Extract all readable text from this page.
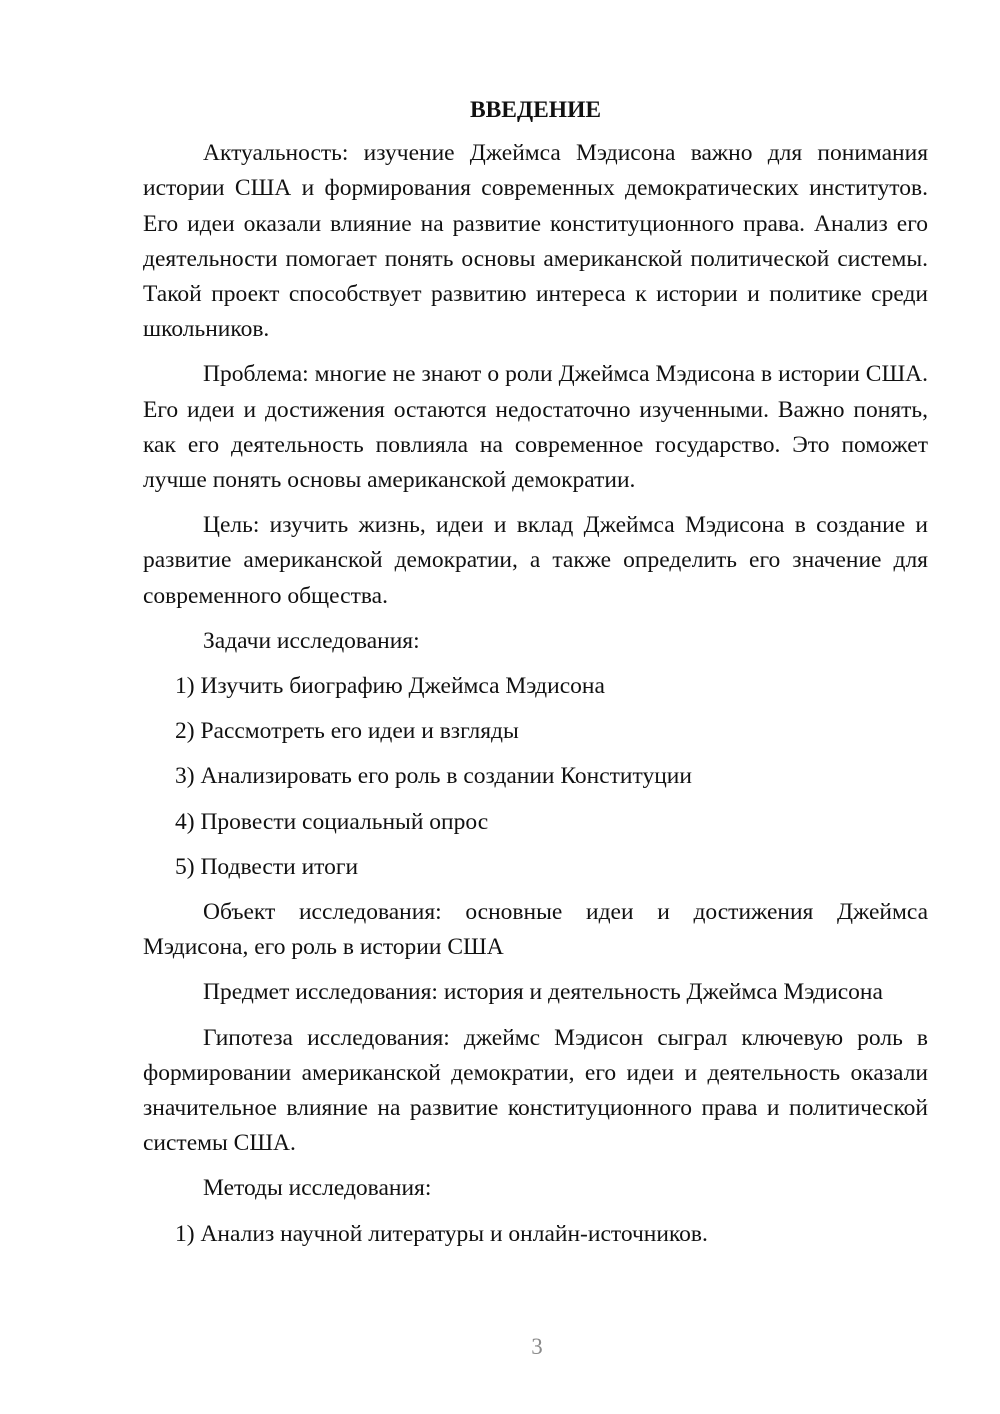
ВВЕДЕНИЕ

Актуальность: изучение Джеймса Мэдисона важно для понимания истории США и формирования современных демократических институтов. Его идеи оказали влияние на развитие конституционного права. Анализ его деятельности помогает понять основы американской политической системы. Такой проект способствует развитию интереса к истории и политике среди школьников.

Проблема: многие не знают о роли Джеймса Мэдисона в истории США. Его идеи и достижения остаются недостаточно изученными. Важно понять, как его деятельность повлияла на современное государство. Это поможет лучше понять основы американской демократии.

Цель: изучить жизнь, идеи и вклад Джеймса Мэдисона в создание и развитие американской демократии, а также определить его значение для современного общества.

Задачи исследования:

1) Изучить биографию Джеймса Мэдисона
2) Рассмотреть его идеи и взгляды
3) Анализировать его роль в создании Конституции
4) Провести социальный опрос
5) Подвести итоги

Объект исследования: основные идеи и достижения Джеймса Мэдисона, его роль в истории США

Предмет исследования: история и деятельность Джеймса Мэдисона

Гипотеза исследования: джеймс Мэдисон сыграл ключевую роль в формировании американской демократии, его идеи и деятельность оказали значительное влияние на развитие конституционного права и политической системы США.

Методы исследования:

1) Анализ научной литературы и онлайн-источников.
3
